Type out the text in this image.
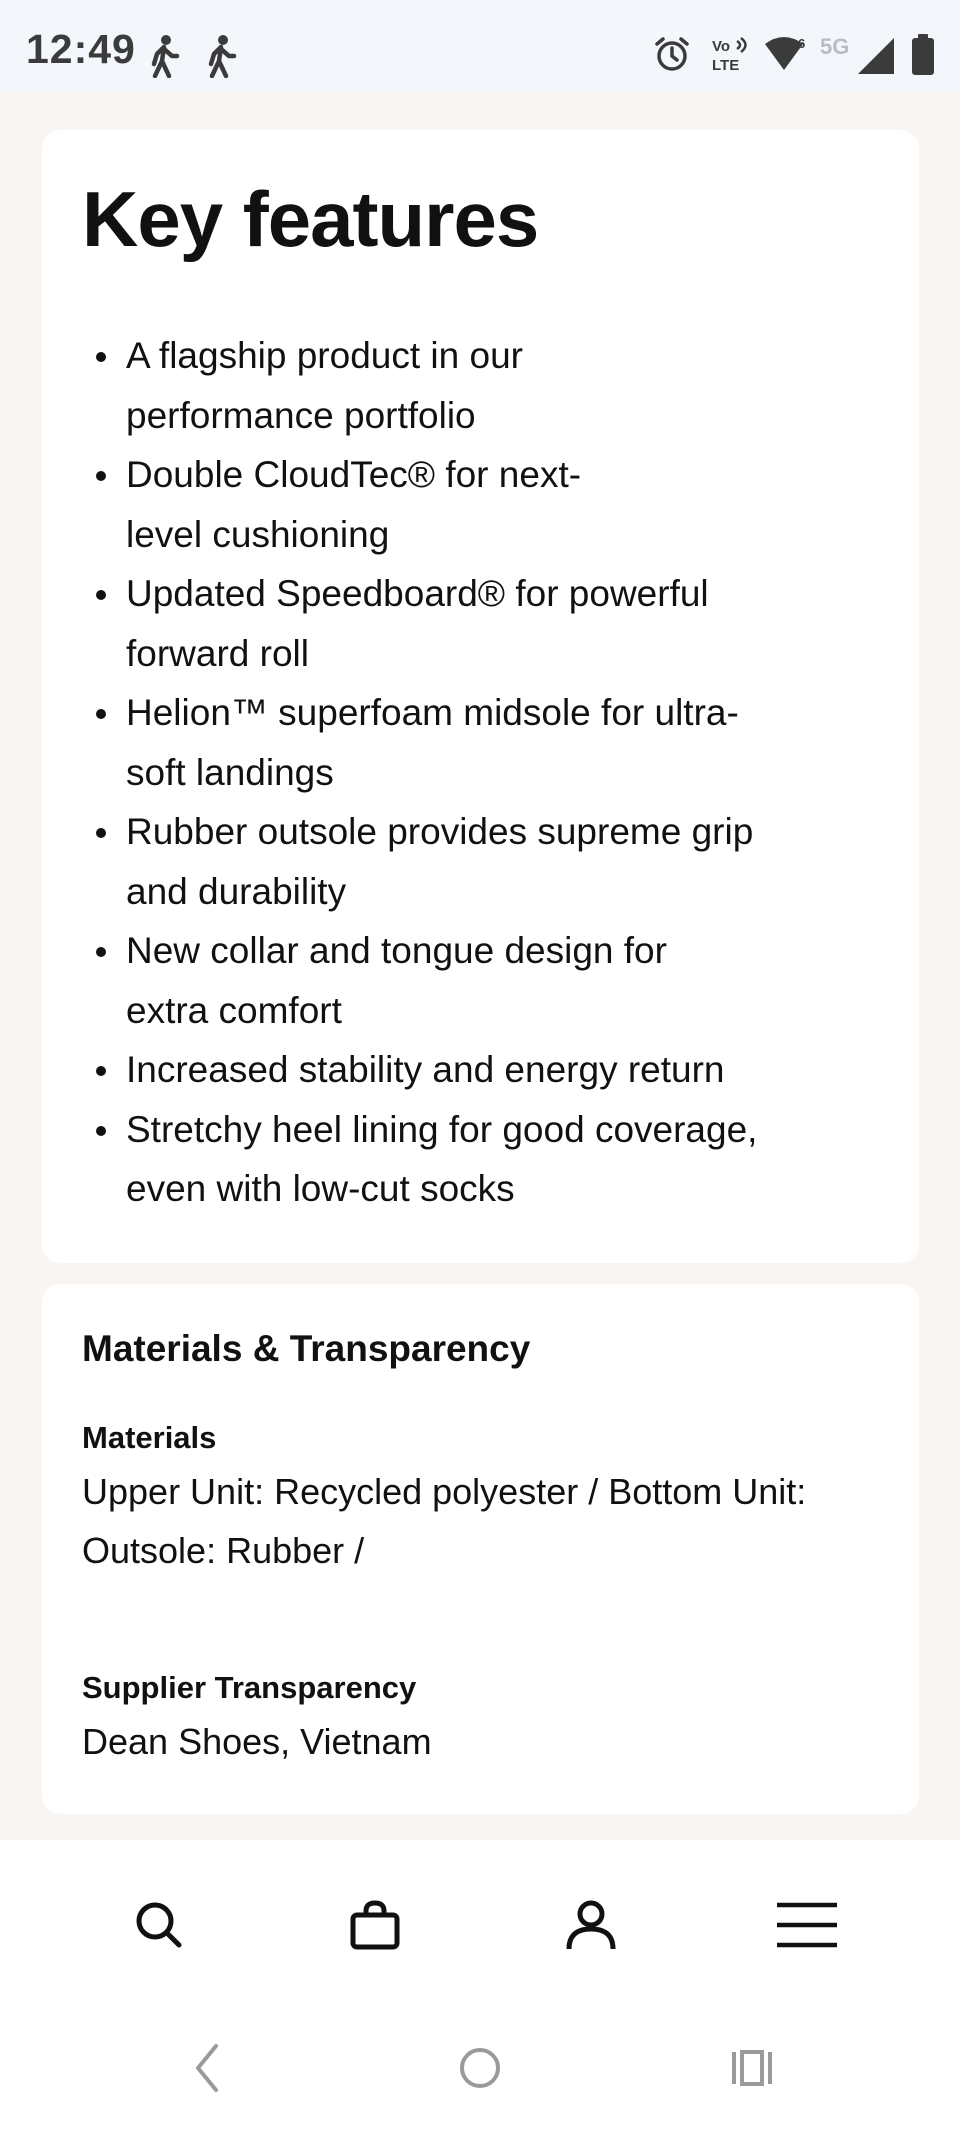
12:49	Vo
LTE
6 5G
Key features
A flagship product in our
performance portfolio
Double CloudTec® for next-
level cushioning
Updated Speedboard® for powerful
forward roll
Helion™ superfoam midsole for ultra-
soft landings
Rubber outsole provides supreme grip
and durability
New collar and tongue design for
extra comfort
Increased stability and energy return
Stretchy heel lining for good coverage,
even with low-cut socks
Materials & Transparency
Materials
Upper Unit: Recycled polyester / Bottom Unit:
Outsole: Rubber /
Supplier Transparency
Dean Shoes, Vietnam
